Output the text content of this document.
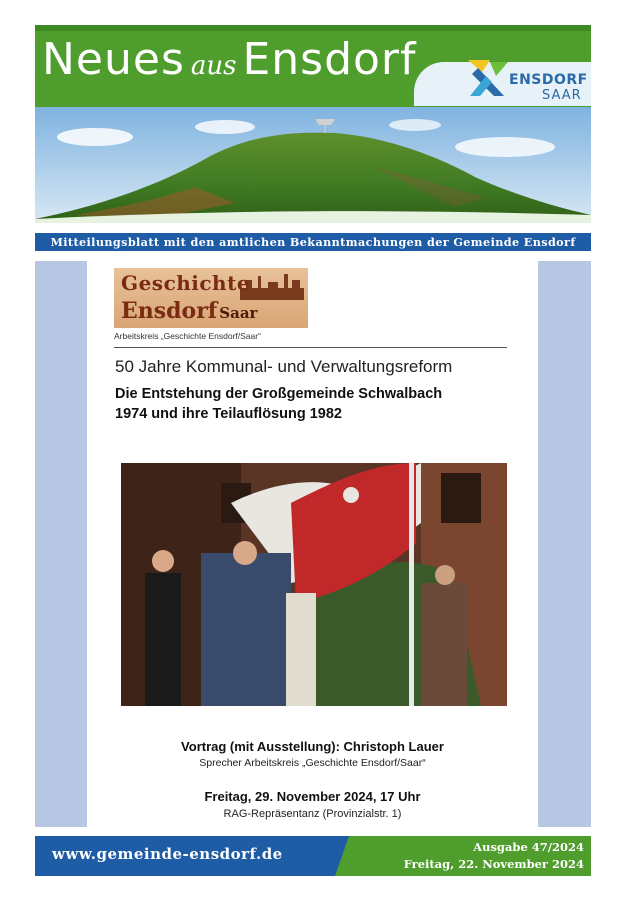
Neues aus Ensdorf	ENSDORF
SAAR
Mitteilungsblatt mit den amtlichen Bekanntmachungen der Gemeinde Ensdorf
Geschichte
Ensdorf Saar
Arbeitskreis „Geschichte Ensdorf/Saar“
50 Jahre Kommunal- und Verwaltungsreform
Die Entstehung der Großgemeinde Schwalbach
1974 und ihre Teilauflösung 1982
Vortrag (mit Ausstellung): Christoph Lauer
Sprecher Arbeitskreis „Geschichte Ensdorf/Saar“
Freitag, 29. November 2024, 17 Uhr
RAG-Repräsentanz (Provinzialstr. 1)
www.gemeinde-ensdorf.de	Ausgabe 47/2024
Freitag, 22. November 2024
